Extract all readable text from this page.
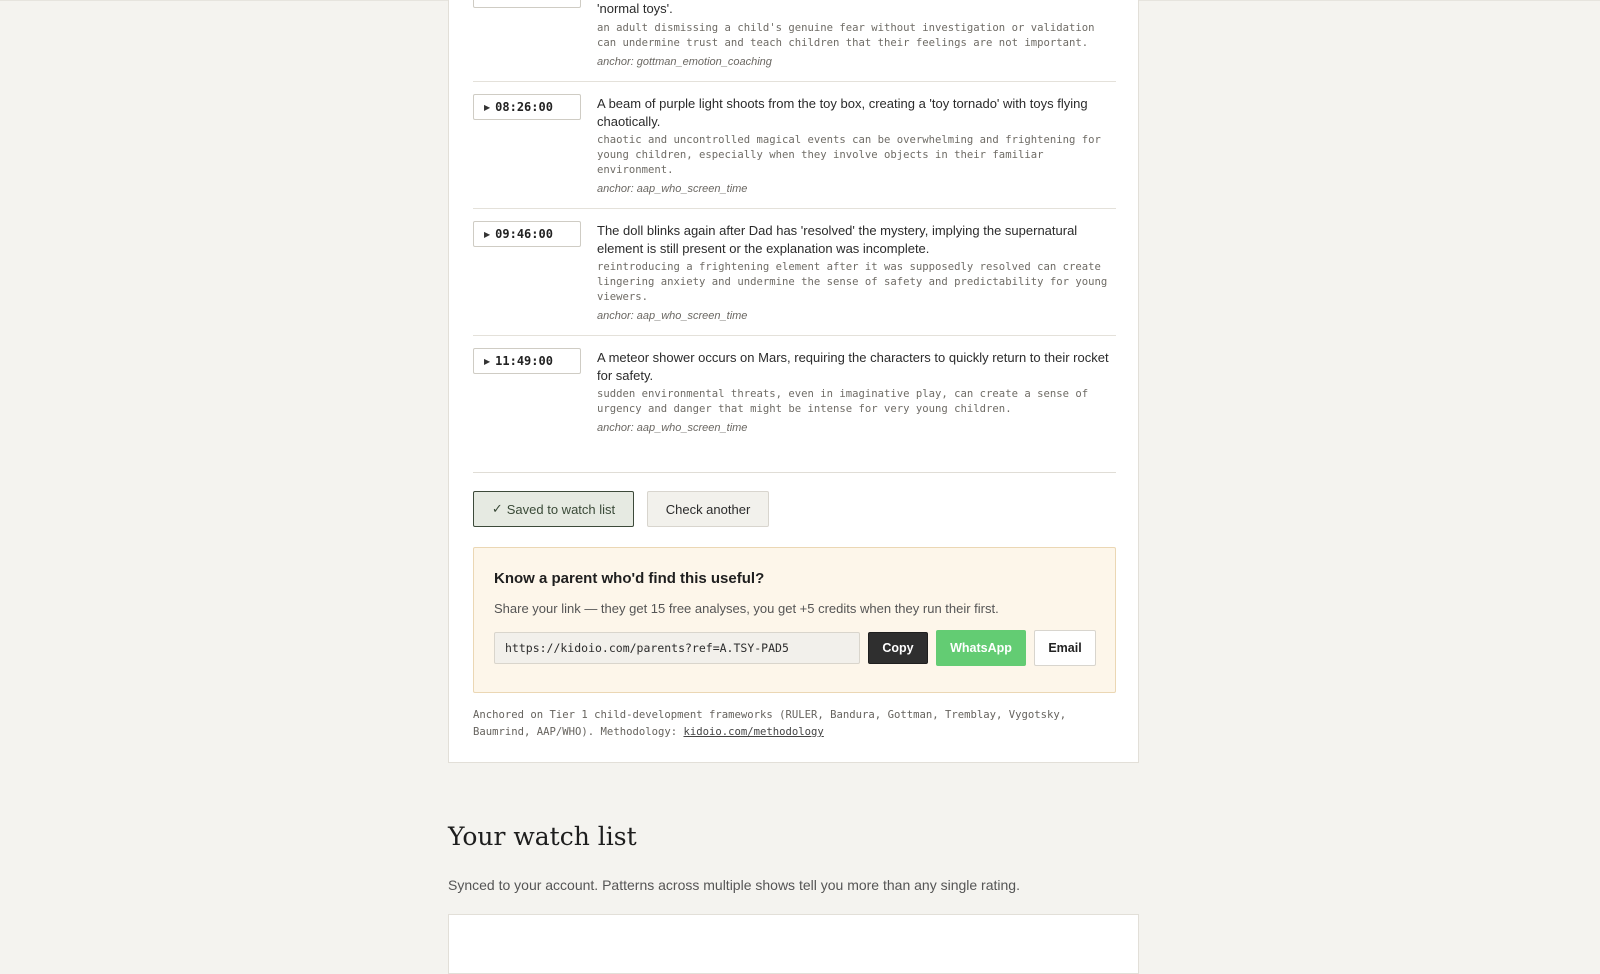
'normal toys'.
an adult dismissing a child's genuine fear without investigation or validation can undermine trust and teach children that their feelings are not important.
anchor: gottman_emotion_coaching
▶ 08:26:00	A beam of purple light shoots from the toy box, creating a 'toy tornado' with toys flying chaotically.
chaotic and uncontrolled magical events can be overwhelming and frightening for young children, especially when they involve objects in their familiar environment.
anchor: aap_who_screen_time
▶ 09:46:00	The doll blinks again after Dad has 'resolved' the mystery, implying the supernatural element is still present or the explanation was incomplete.
reintroducing a frightening element after it was supposedly resolved can create lingering anxiety and undermine the sense of safety and predictability for young viewers.
anchor: aap_who_screen_time
▶ 11:49:00	A meteor shower occurs on Mars, requiring the characters to quickly return to their rocket for safety.
sudden environmental threats, even in imaginative play, can create a sense of urgency and danger that might be intense for very young children.
anchor: aap_who_screen_time
✓ Saved to watch list	Check another
Know a parent who'd find this useful?
Share your link — they get 15 free analyses, you get +5 credits when they run their first.
https://kidoio.com/parents?ref=A.TSY-PAD5
Copy	WhatsApp	Email
Anchored on Tier 1 child-development frameworks (RULER, Bandura, Gottman, Tremblay, Vygotsky, Baumrind, AAP/WHO). Methodology: kidoio.com/methodology
Your watch list
Synced to your account. Patterns across multiple shows tell you more than any single rating.
